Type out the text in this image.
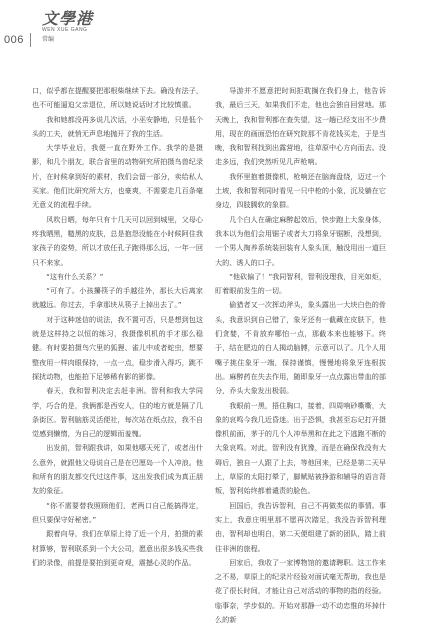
006
文學港
WEN XUE GANG
常编

口，似乎都在提醒要把那根柴继续下去。确没有法子，也不可能逼迫父亲退位，所以她说话时才比较慎重。

我和她都没再多说几次话，小巫安静地，只是低个头的工夫，就悄无声息地抛开了我的生活。

大学毕业后，我便一直在野外工作。我学的是摄影，和几个朋友，联合省里的动物研究所拍摄鸟兽纪录片，在时候拿到好的素材，我们会留一部分，卖给私人买家。他们比研究所大方，也豪爽，不需要走几百条毫无意义的流程手续。

风吹日晒，每年只有十几天可以回到城里，父母心疼我晒黑，糙黑的皮肤，总是抱怨没能在小时候阿住我家孩子的姿势，所以才放任孔子跑得那么远，一年一回只不来家。

“这有什么关系？”

“可有了。小孩攥筷子的手越往外，那长大后离家就越远。你过去，手拿那块从筷子上掉出去了。”

对于这种迷信的说法，我不置可否，只是想到包这就是这样持之以恒的练习，我摄像机机的手才那么稳健。有时要拍摄鸟穴里的狐狸、雀儿中或者蛇虫，想要整夜用一样肉眼保持，一点一点，稳步滑入得巧，跳不探扰动物，也能拍下足够稀有影的影像。

春天，我和智利决定去赶非洲。智利和我大学同学，巧合的是，我俩都是西安人，住的地方就是隔了几条街区。智利脑筋灵活便社，每次站在纸点拉，我不自觉感到懒惰，为自己的逻辑而羞愧。

出发前，智利跟我讲，如果他哪天死了，或者出什么意外，就跟他父母说自己是在巴厘岛一个人冲浪。他和所有的朋友都交代过这件事，这出发我们成为真正朋友的象征。

“你不需要替我照顾他们，老两口自己能搞得定，但只要保守好秘密。”

跟着向导，我们在草原上待了近一个月，拍摄的素材算够，智利联系到一个大公司，愿意出很多钱买些我们的录像，前提是要拍到更奇观，震撼心灵的作品。

导游并不愿意把时间拒耽搁在我们身上，他告诉我，最后三天，如果我们不走，他也会独自回营地。那天晚上，我和智利都在查失望，这一趟已经支出不少费用，现在的画面恐怕在研究院那不肯花钱买走，于是当晚，我和智利找到出露营地，往草原中心方向而去。没走多远，我们突然听见几声枪响。

我怀里抱着摄像机，枪响还在脑海盘绕，迈过一个土坡，我和智利同时看见一只中枪的小象，沉及躺在它身边，四肢腾软的象群。

几个白人在确定麻醉起效后，快步跑上大象身体，我本以为他们会用锯子或者大刀将象牙锯断，没想到，一个男人掏养系统装回装有人象头顶，触没用出一道巨大的、诱人的口子。

“他砍偏了！”我同智利，智利没理我，目光如炬，盯着眼前发生的一切。

偷猎者又一次挥动斧头，象头露出一大块白色的骨头，我意识到自己错了，象牙还有一截藏在皮肤下，他们贪婪，不肯放弃哪怕一点，那截本来也能够下。终于，结在肥边的白人揭动脑膊，示意可以了。几个人用嘴子挑住象牙一端，保持谨慎，慢慢地将象牙连根拔出。麻醉药在失去作用，随即象牙一点点露出带血的部分，乔头大象发出极弱。

我眼前一黑，捂住胸口，接着，四周响砂嘶嘶，大象的哀鸣今我几近昏迷。出于恐惧，我甚至忘记打开摄像机前面，茅于的几个人冲举黑和在此之下逃跑不断的大象哀鸣。对此，智利没有犹豫，而是在确保我没有大碍后，独自一人跟了上去，等他回来，已经是第二天早上，草原的太阳打晕了，脚赋贴被挣游和辅导的语言背叛，智利始终都着谴责的脸色。

回国后，我告诉智利，自己不再做类似的事情。事实上，我意庄明里那不愿再次踏足，我没告诉智利理由，智利却也明白，第二天便组建了新的团队，踏上前往非洲的旅程。

回家后，我收了一家博物馆的邀请聘职。这工作来之不易，草原上的纪录片经验对面试毫无帮助，我也是花了很长时间，才能让自己对活动的事物的指的经验。临事奈，学步似的。开始对那静一动不动忠惟的坏掉什么的新
